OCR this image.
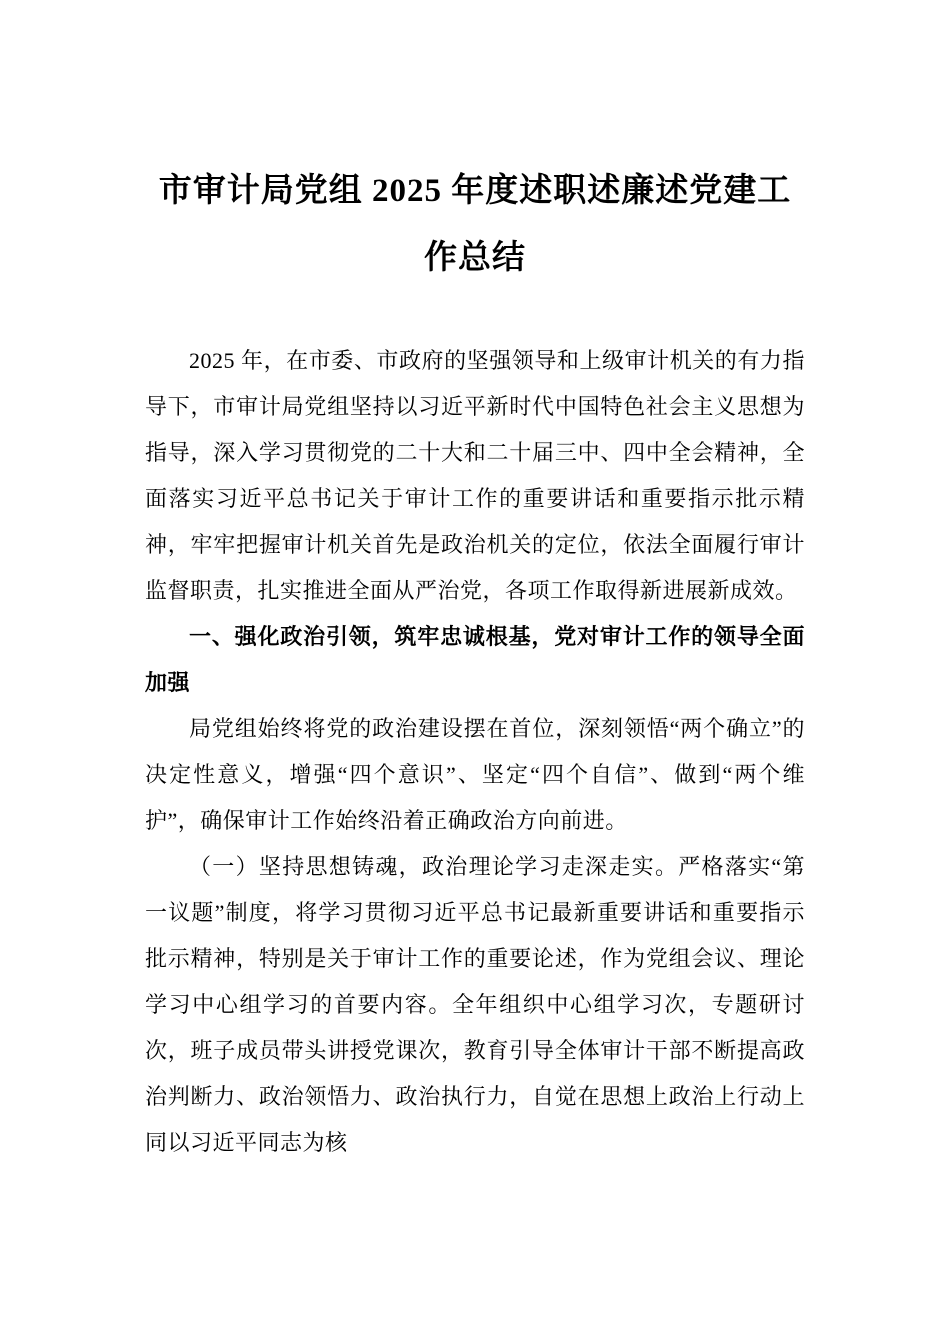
市审计局党组 2025 年度述职述廉述党建工作总结

2025 年，在市委、市政府的坚强领导和上级审计机关的有力指导下，市审计局党组坚持以习近平新时代中国特色社会主义思想为指导，深入学习贯彻党的二十大和二十届三中、四中全会精神，全面落实习近平总书记关于审计工作的重要讲话和重要指示批示精神，牢牢把握审计机关首先是政治机关的定位，依法全面履行审计监督职责，扎实推进全面从严治党，各项工作取得新进展新成效。

一、强化政治引领，筑牢忠诚根基，党对审计工作的领导全面加强

局党组始终将党的政治建设摆在首位，深刻领悟“两个确立”的决定性意义，增强“四个意识”、坚定“四个自信”、做到“两个维护”，确保审计工作始终沿着正确政治方向前进。

（一）坚持思想铸魂，政治理论学习走深走实。严格落实“第一议题”制度，将学习贯彻习近平总书记最新重要讲话和重要指示批示精神，特别是关于审计工作的重要论述，作为党组会议、理论学习中心组学习的首要内容。全年组织中心组学习次，专题研讨次，班子成员带头讲授党课次，教育引导全体审计干部不断提高政治判断力、政治领悟力、政治执行力，自觉在思想上政治上行动上同以习近平同志为核
